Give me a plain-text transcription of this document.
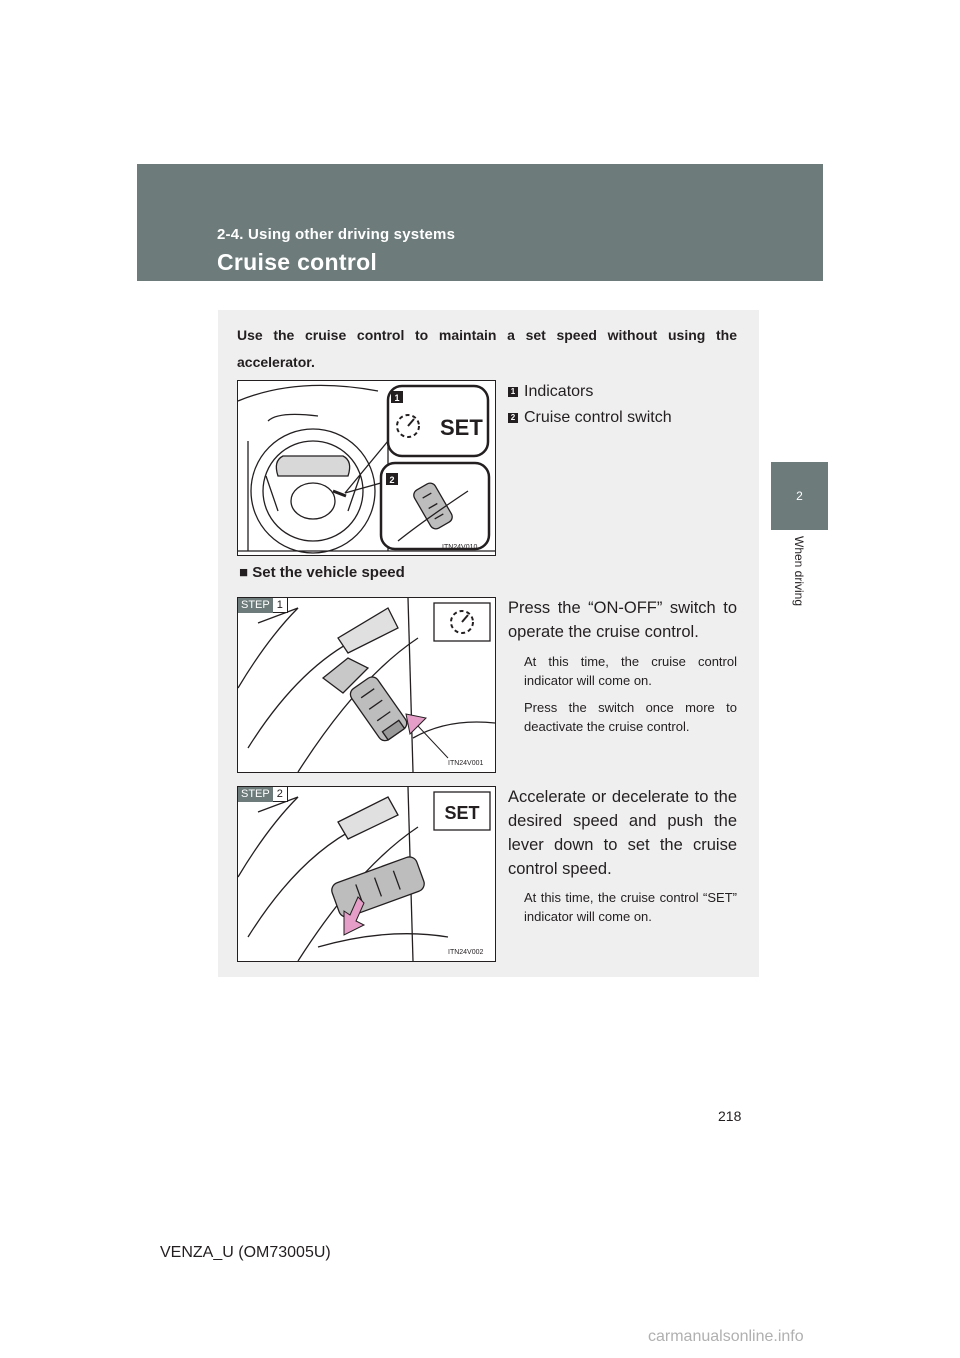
2-4. Using other driving systems
Cruise control
2
When driving
Use the cruise control to maintain a set speed without using the accelerator.
1
SET
2
ITN24V010
1 Indicators
2 Cruise control switch
■ Set the vehicle speed
STEP 1
ITN24V001
Press the “ON-OFF” switch to operate the cruise control.
At this time, the cruise control indicator will come on.
Press the switch once more to deactivate the cruise control.
SET
STEP 2
ITN24V002
Accelerate or decelerate to the desired speed and push the lever down to set the cruise control speed.
At this time, the cruise control “SET” indicator will come on.
218
VENZA_U (OM73005U)
carmanualsonline.info
